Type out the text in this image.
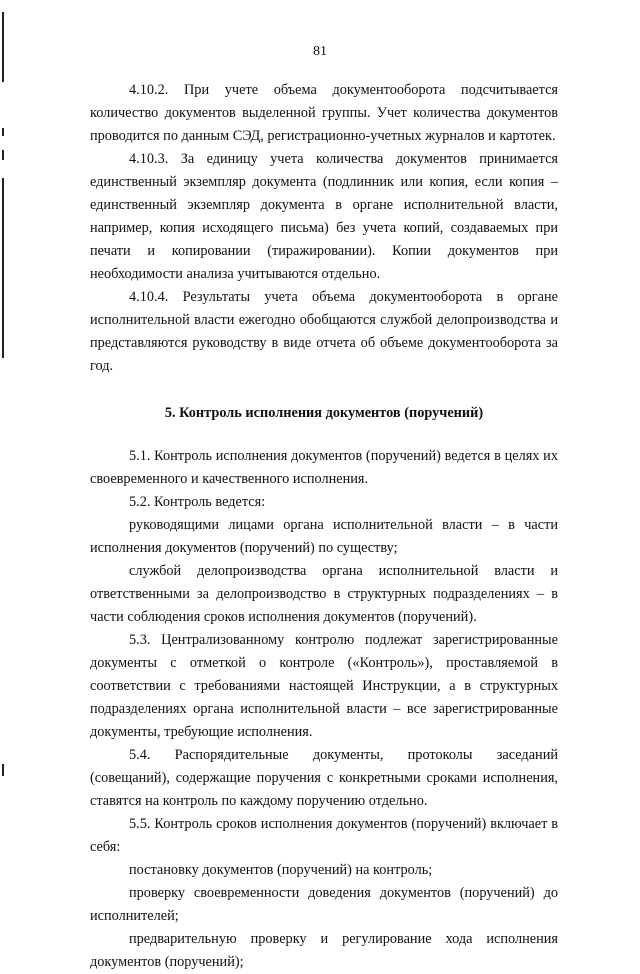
81

4.10.2. При учете объема документооборота подсчитывается количество документов выделенной группы. Учет количества документов проводится по данным СЭД, регистрационно-учетных журналов и картотек.

4.10.3. За единицу учета количества документов принимается единственный экземпляр документа (подлинник или копия, если копия – единственный экземпляр документа в органе исполнительной власти, например, копия исходящего письма) без учета копий, создаваемых при печати и копировании (тиражировании). Копии документов при необходимости анализа учитываются отдельно.

4.10.4. Результаты учета объема документооборота в органе исполнительной власти ежегодно обобщаются службой делопроизводства и представляются руководству в виде отчета об объеме документооборота за год.

5. Контроль исполнения документов (поручений)

5.1. Контроль исполнения документов (поручений) ведется в целях их своевременного и качественного исполнения.

5.2. Контроль ведется:

руководящими лицами органа исполнительной власти – в части исполнения документов (поручений) по существу;

службой делопроизводства органа исполнительной власти и ответственными за делопроизводство в структурных подразделениях – в части соблюдения сроков исполнения документов (поручений).

5.3. Централизованному контролю подлежат зарегистрированные документы с отметкой о контроле («Контроль»), проставляемой в соответствии с требованиями настоящей Инструкции, а в структурных подразделениях органа исполнительной власти – все зарегистрированные документы, требующие исполнения.

5.4. Распорядительные документы, протоколы заседаний (совещаний), содержащие поручения с конкретными сроками исполнения, ставятся на контроль по каждому поручению отдельно.

5.5. Контроль сроков исполнения документов (поручений) включает в себя:

постановку документов (поручений) на контроль;

проверку своевременности доведения документов (поручений) до исполнителей;

предварительную проверку и регулирование хода исполнения документов (поручений);
